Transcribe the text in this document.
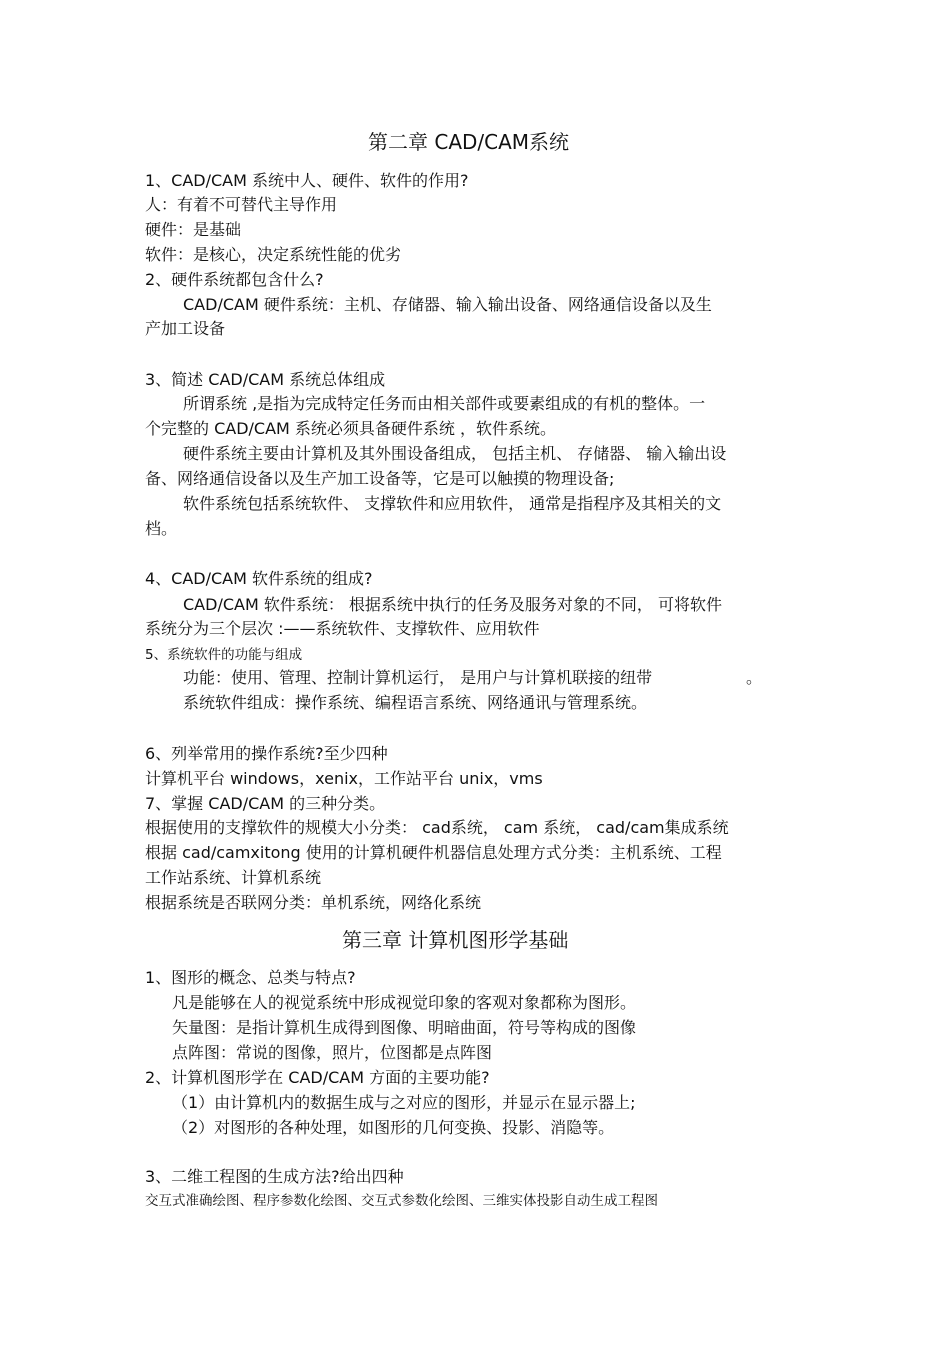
第二章 CAD/CAM系统
1、CAD/CAM 系统中人、硬件、软件的作用?
人：有着不可替代主导作用
硬件：是基础
软件：是核心，决定系统性能的优劣
2、硬件系统都包含什么?
CAD/CAM 硬件系统：主机、存储器、输入输出设备、网络通信设备以及生
产加工设备
3、简述 CAD/CAM 系统总体组成
所谓系统 ,是指为完成特定任务而由相关部件或要素组成的有机的整体。一
个完整的 CAD/CAM 系统必须具备硬件系统 ，软件系统。
硬件系统主要由计算机及其外围设备组成， 包括主机、 存储器、 输入输出设
备、网络通信设备以及生产加工设备等，它是可以触摸的物理设备;
软件系统包括系统软件、 支撑软件和应用软件， 通常是指程序及其相关的文
档。
4、CAD/CAM 软件系统的组成?
CAD/CAM 软件系统： 根据系统中执行的任务及服务对象的不同， 可将软件
系统分为三个层次 :——系统软件、支撑软件、应用软件
5、系统软件的功能与组成
功能：使用、管理、控制计算机运行， 是用户与计算机联接的纽带	。
系统软件组成：操作系统、编程语言系统、网络通讯与管理系统。
6、列举常用的操作系统?至少四种
计算机平台 windows，xenix，工作站平台 unix，vms
7、掌握 CAD/CAM 的三种分类。
根据使用的支撑软件的规模大小分类： cad系统， cam 系统， cad/cam集成系统
根据 cad/camxitong 使用的计算机硬件机器信息处理方式分类：主机系统、工程
工作站系统、计算机系统
根据系统是否联网分类：单机系统，网络化系统
第三章 计算机图形学基础
1、图形的概念、总类与特点?
凡是能够在人的视觉系统中形成视觉印象的客观对象都称为图形。
矢量图：是指计算机生成得到图像、明暗曲面，符号等构成的图像
点阵图：常说的图像，照片，位图都是点阵图
2、计算机图形学在 CAD/CAM 方面的主要功能?
（1）由计算机内的数据生成与之对应的图形，并显示在显示器上;
（2）对图形的各种处理，如图形的几何变换、投影、消隐等。
3、二维工程图的生成方法?给出四种
交互式准确绘图、程序参数化绘图、交互式参数化绘图、三维实体投影自动生成工程图
